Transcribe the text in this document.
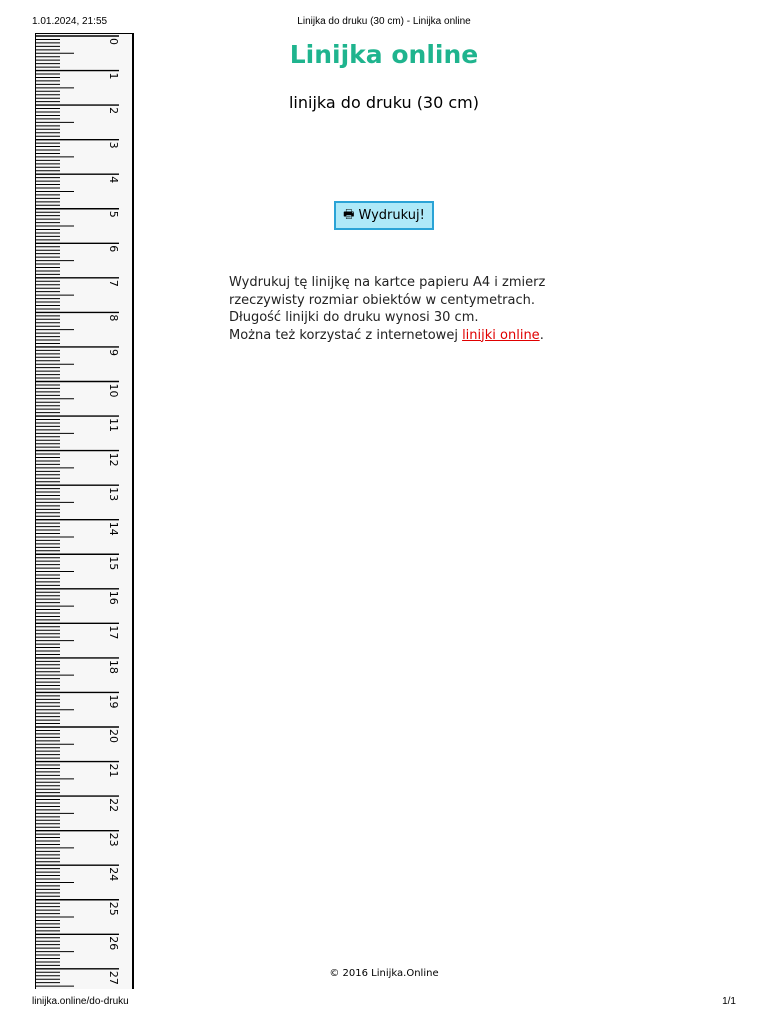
1.01.2024, 21:55	Linijka do druku (30 cm) - Linijka online
0
1
2
3
4
5
6
7
8
9
10
11
12
13
14
15
16
17
18
19
20
21
22
23
24
25
26
27
Linijka online
linijka do druku (30 cm)
🖶 Wydrukuj!
Wydrukuj tę linijkę na kartce papieru A4 i zmierz rzeczywisty rozmiar obiektów w centymetrach.
Długość linijki do druku wynosi 30 cm.
Można też korzystać z internetowej linijki online.
© 2016 Linijka.Online
linijka.online/do-druku	1/1
